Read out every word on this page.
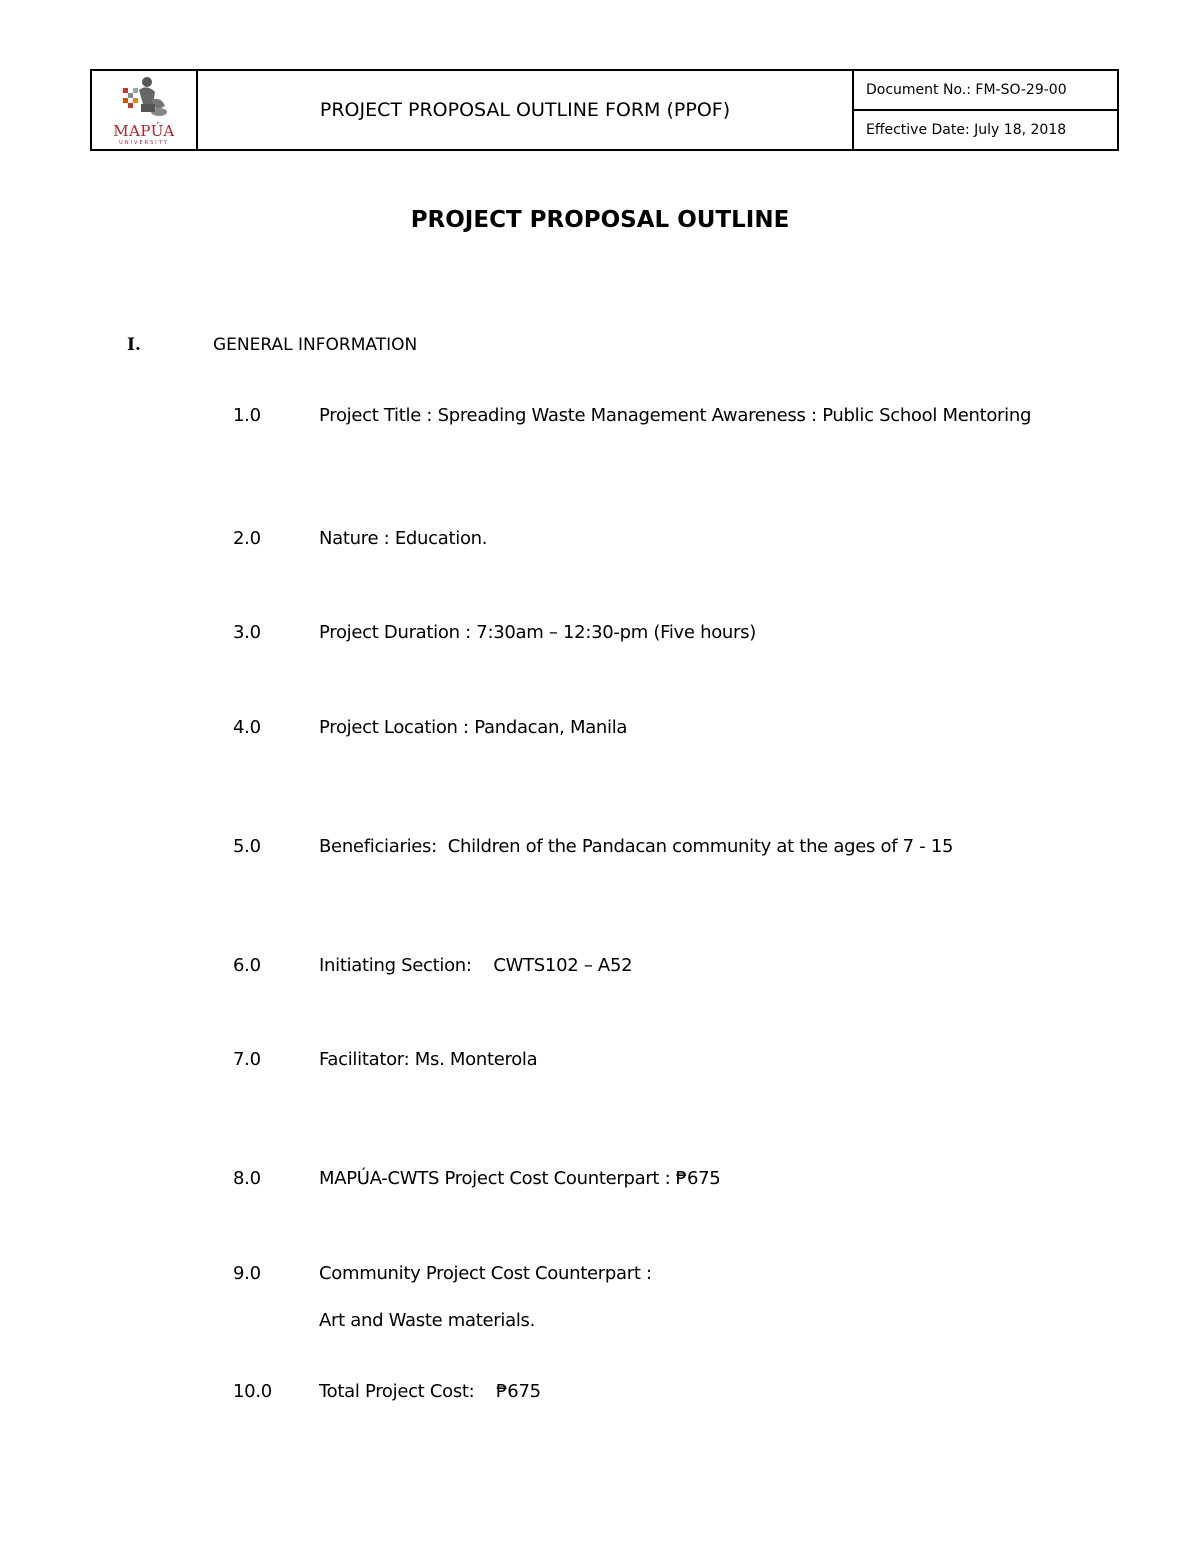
MAPÚA
UNIVERSITY
PROJECT PROPOSAL OUTLINE FORM (PPOF)
Document No.: FM-SO-29-00
Effective Date: July 18, 2018
PROJECT PROPOSAL OUTLINE
I.	GENERAL INFORMATION
1.0	Project Title : Spreading Waste Management Awareness : Public School Mentoring
2.0	Nature : Education.
3.0	Project Duration : 7:30am – 12:30-pm (Five hours)
4.0	Project Location : Pandacan, Manila
5.0	Beneficiaries:  Children of the Pandacan community at the ages of 7 - 15
6.0	Initiating Section:    CWTS102 – A52
7.0	Facilitator: Ms. Monterola
8.0	MAPÚA-CWTS Project Cost Counterpart : ₱675
9.0	Community Project Cost Counterpart :
Art and Waste materials.
10.0	Total Project Cost:    ₱675
